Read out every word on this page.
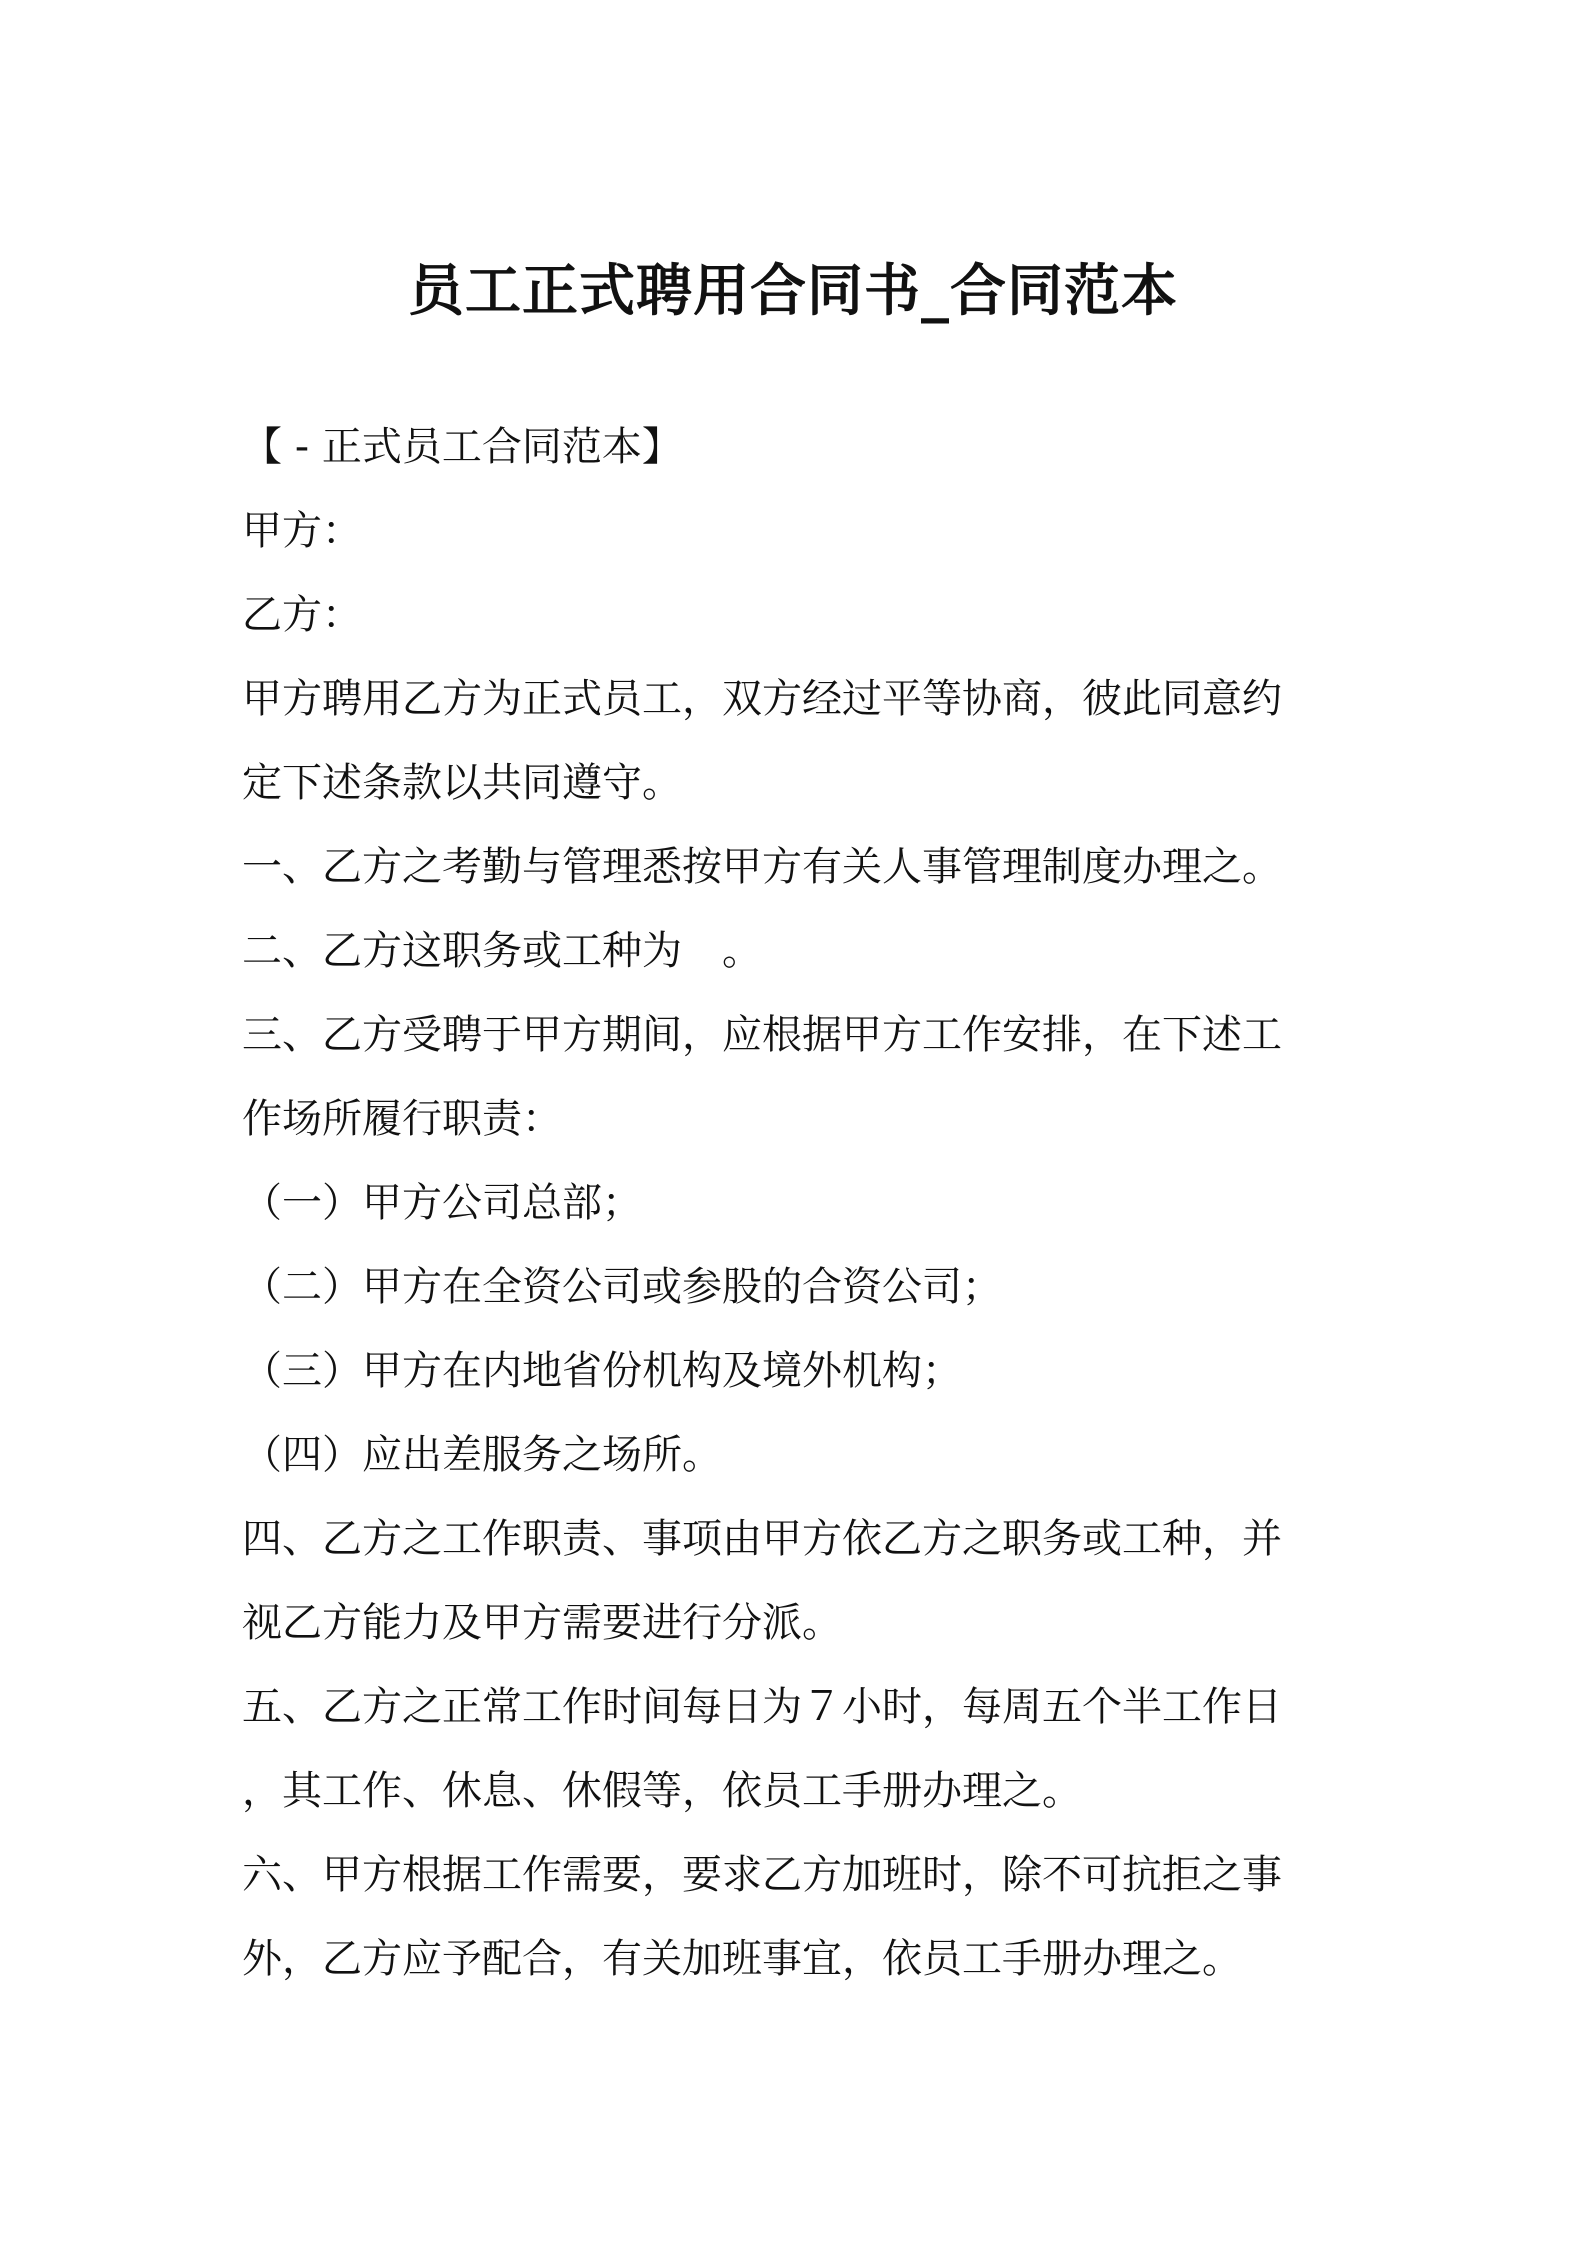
员工正式聘用合同书_合同范本
【 - 正式员工合同范本】
甲方：
乙方：
甲方聘用乙方为正式员工，双方经过平等协商，彼此同意约
定下述条款以共同遵守。
一、乙方之考勤与管理悉按甲方有关人事管理制度办理之。
二、乙方这职务或工种为　。
三、乙方受聘于甲方期间，应根据甲方工作安排，在下述工
作场所履行职责：
（一）甲方公司总部；
（二）甲方在全资公司或参股的合资公司；
（三）甲方在内地省份机构及境外机构；
（四）应出差服务之场所。
四、乙方之工作职责、事项由甲方依乙方之职务或工种，并
视乙方能力及甲方需要进行分派。
五、乙方之正常工作时间每日为７小时，每周五个半工作日
，其工作、休息、休假等，依员工手册办理之。
六、甲方根据工作需要，要求乙方加班时，除不可抗拒之事
外，乙方应予配合，有关加班事宜，依员工手册办理之。
